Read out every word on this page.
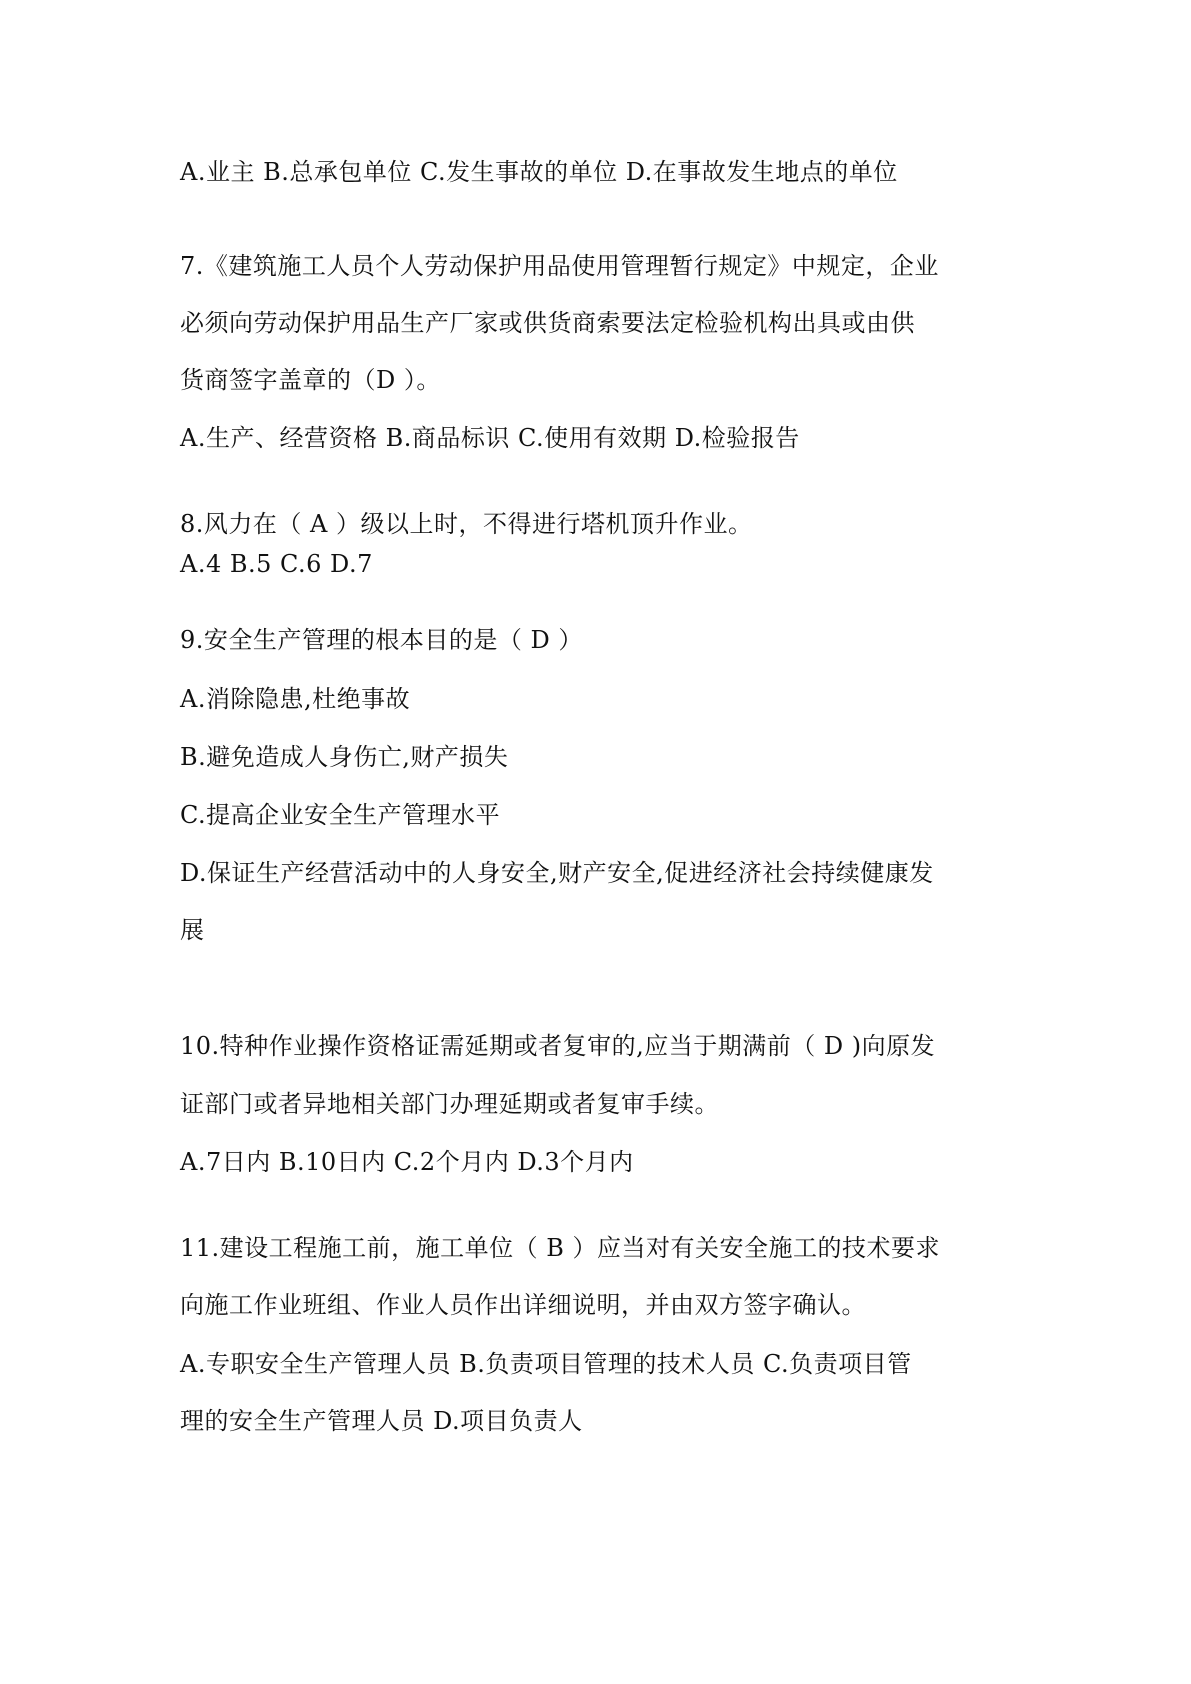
A.业主 B.总承包单位 C.发生事故的单位 D.在事故发生地点的单位
7.《建筑施工人员个人劳动保护用品使用管理暂行规定》中规定，企业
必须向劳动保护用品生产厂家或供货商索要法定检验机构出具或由供
货商签字盖章的（D ）。
A.生产、经营资格 B.商品标识 C.使用有效期 D.检验报告
8.风力在（ A ）级以上时，不得进行塔机顶升作业。
A.4 B.5 C.6 D.7
9.安全生产管理的根本目的是（ D ）
A.消除隐患,杜绝事故
B.避免造成人身伤亡,财产损失
C.提高企业安全生产管理水平
D.保证生产经营活动中的人身安全,财产安全,促进经济社会持续健康发
展
10.特种作业操作资格证需延期或者复审的,应当于期满前（ D )向原发
证部门或者异地相关部门办理延期或者复审手续。
A.7日内 B.10日内 C.2个月内 D.3个月内
11.建设工程施工前，施工单位（ B ）应当对有关安全施工的技术要求
向施工作业班组、作业人员作出详细说明，并由双方签字确认。
A.专职安全生产管理人员 B.负责项目管理的技术人员 C.负责项目管
理的安全生产管理人员 D.项目负责人
